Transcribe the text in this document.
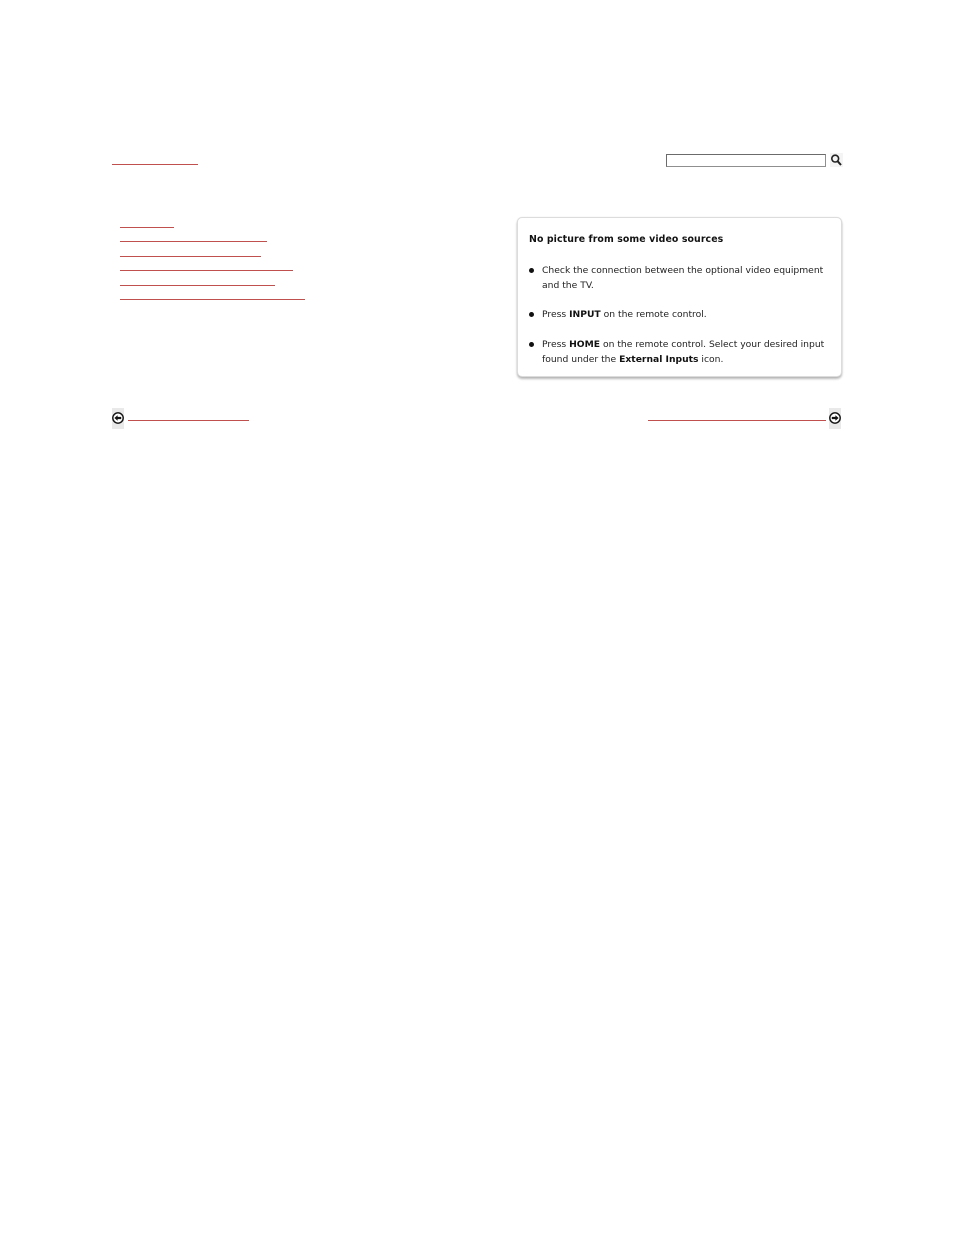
No picture from some video sources
Check the connection between the optional video equipment and the TV.
Press INPUT on the remote control.
Press HOME on the remote control. Select your desired input found under the External Inputs icon.
